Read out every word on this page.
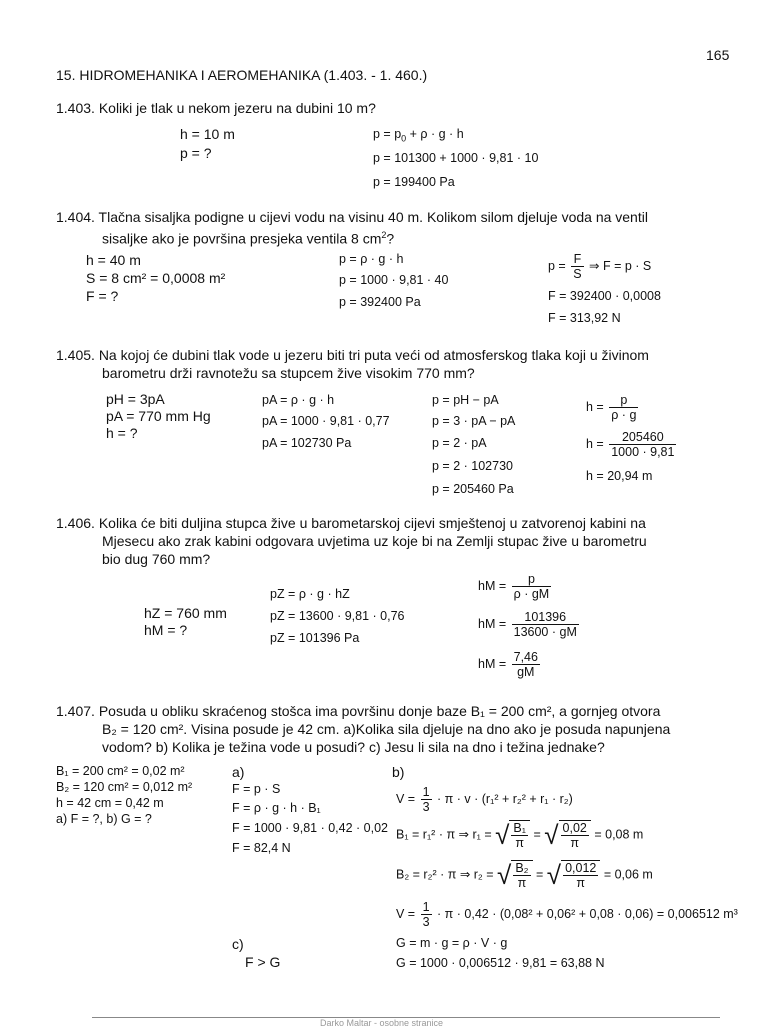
165
15. HIDROMEHANIKA I AEROMEHANIKA (1.403. - 1. 460.)
1.403. Koliki je tlak u nekom jezeru na dubini 10 m?
h = 10 m
p = ?
$p = p_0 + \rho \cdot g \cdot h$
p = 101300 + 1000 · 9,81 · 10
p = 199400 Pa
1.404. Tlačna sisaljka podigne u cijevi vodu na visinu 40 m. Kolikom silom djeluje voda na ventil
sisaljke ako je površina presjeka ventila 8 $cm^2$?
h = 40 m
S = 8 cm² = 0,0008 m²
F = ?
p = ρ · g · h
p = 1000 · 9,81 · 40
p = 392400 Pa
$p = \frac{F}{S}$ ⇒ F = p · S
F = 392400 · 0,0008
F = 313,92 N
1.405. Na kojoj će dubini tlak vode u jezeru biti tri puta veći od atmosferskog tlaka koji u živinom
barometru drži ravnotežu sa stupcem žive visokim 770 mm?
pH = 3pA
pA = 770 mm Hg
h = ?
pA = ρ · g · h
pA = 1000 · 9,81 · 0,77
pA = 102730 Pa
p = pH − pA
p = 3 · pA − pA
p = 2 · pA
p = 2 · 102730
p = 205460 Pa
$h = \frac{p}{\rho \cdot g}$
$h = \frac{205460}{1000 \cdot 9,81}$
h = 20,94 m
1.406. Kolika će biti duljina stupca žive u barometarskoj cijevi smještenoj u zatvorenoj kabini na
Mjesecu ako zrak kabini odgovara uvjetima uz koje bi na Zemlji stupac žive u barometru
bio dug 760 mm?
hZ = 760 mm
hM = ?
pZ = ρ · g · hZ
pZ = 13600 · 9,81 · 0,76
pZ = 101396 Pa
hM = $\frac{p}{\rho \cdot gM}$
hM = $\frac{101396}{13600 \cdot gM}$
hM = $\frac{7,46}{gM}$
1.407. Posuda u obliku skraćenog stošca ima površinu donje baze B₁ = 200 cm², a gornjeg otvora
B₂ = 120 cm². Visina posude je 42 cm. a)Kolika sila djeluje na dno ako je posuda napunjena
vodom? b) Kolika je težina vode u posudi? c) Jesu li sila na dno i težina jednake?
B₁ = 200 cm² = 0,02 m²
B₂ = 120 cm² = 0,012 m²
h = 42 cm = 0,42 m
a) F = ?, b) G = ?
a)
F = p · S
F = ρ · g · h · B₁
F = 1000 · 9,81 · 0,42 · 0,02
F = 82,4 N
b)
$V = \frac{1}{3} \cdot \pi \cdot v \cdot (r_1^2 + r_2^2 + r_1 \cdot r_2)$
B₁ = r₁² · π ⇒ r₁ = √ $\frac{\text{B₁}}{\pi}$ = √ $\frac{0,02}{\pi} = 0,08$ m
B₂ = r₂² · π ⇒ r₂ = √ $\frac{\text{B₂}}{\pi}$ = √ $\frac{0,012}{\pi} = 0,06$ m
$V = \frac{1}{3} \cdot \pi \cdot 0,42 \cdot (0,08^2 + 0,06^2 + 0,08 \cdot 0,06) = 0,006512$ m³
G = m · g = ρ · V · g
G = 1000 · 0,006512 · 9,81 = 63,88 N
c)
F > G
Darko Maltar - osobne stranice
